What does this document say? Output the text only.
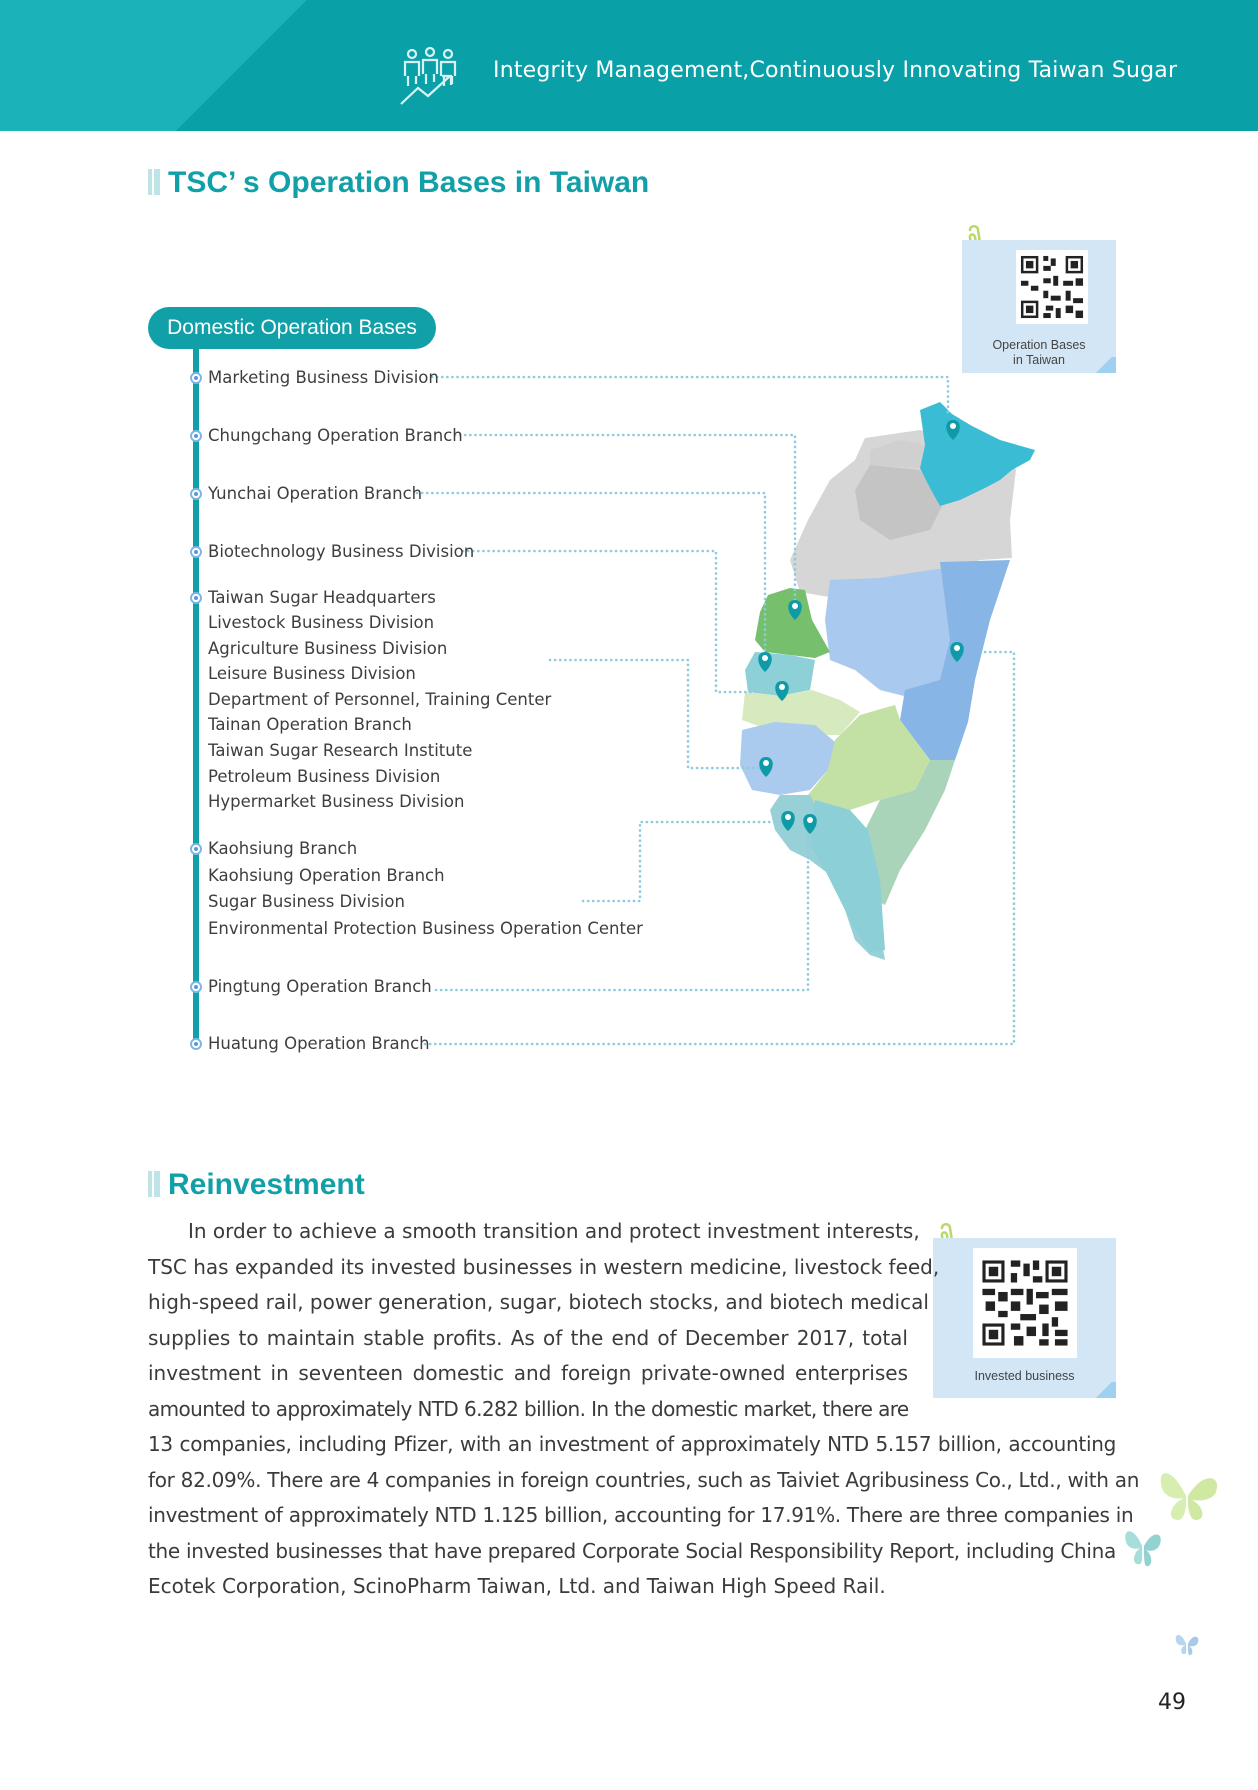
Integrity Management,Continuously Innovating Taiwan Sugar
TSC’ s Operation Bases in Taiwan
Operation Bases
in Taiwan
Domestic Operation Bases
Marketing Business Division
Chungchang Operation Branch
Yunchai Operation Branch
Biotechnology Business Division
Taiwan Sugar Headquarters
Livestock Business Division
Agriculture Business Division
Leisure Business Division
Department of Personnel, Training Center
Tainan Operation Branch
Taiwan Sugar Research Institute
Petroleum Business Division
Hypermarket Business Division
Kaohsiung Branch
Kaohsiung Operation Branch
Sugar Business Division
Environmental Protection Business Operation Center
Pingtung Operation Branch
Huatung Operation Branch
Reinvestment
Invested business
In order to achieve a smooth transition and protect investment interests,
TSC has expanded its invested businesses in western medicine, livestock feed,
high-speed rail, power generation, sugar, biotech stocks, and biotech medical
supplies to maintain stable profits. As of the end of December 2017, total
investment in seventeen domestic and foreign private-owned enterprises
amounted to approximately NTD 6.282 billion. In the domestic market, there are
13 companies, including Pfizer, with an investment of approximately NTD 5.157 billion, accounting
for 82.09%. There are 4 companies in foreign countries, such as Taiviet Agribusiness Co., Ltd., with an
investment of approximately NTD 1.125 billion, accounting for 17.91%. There are three companies in
the invested businesses that have prepared Corporate Social Responsibility Report, including China
Ecotek Corporation, ScinoPharm Taiwan, Ltd. and Taiwan High Speed Rail.
49
